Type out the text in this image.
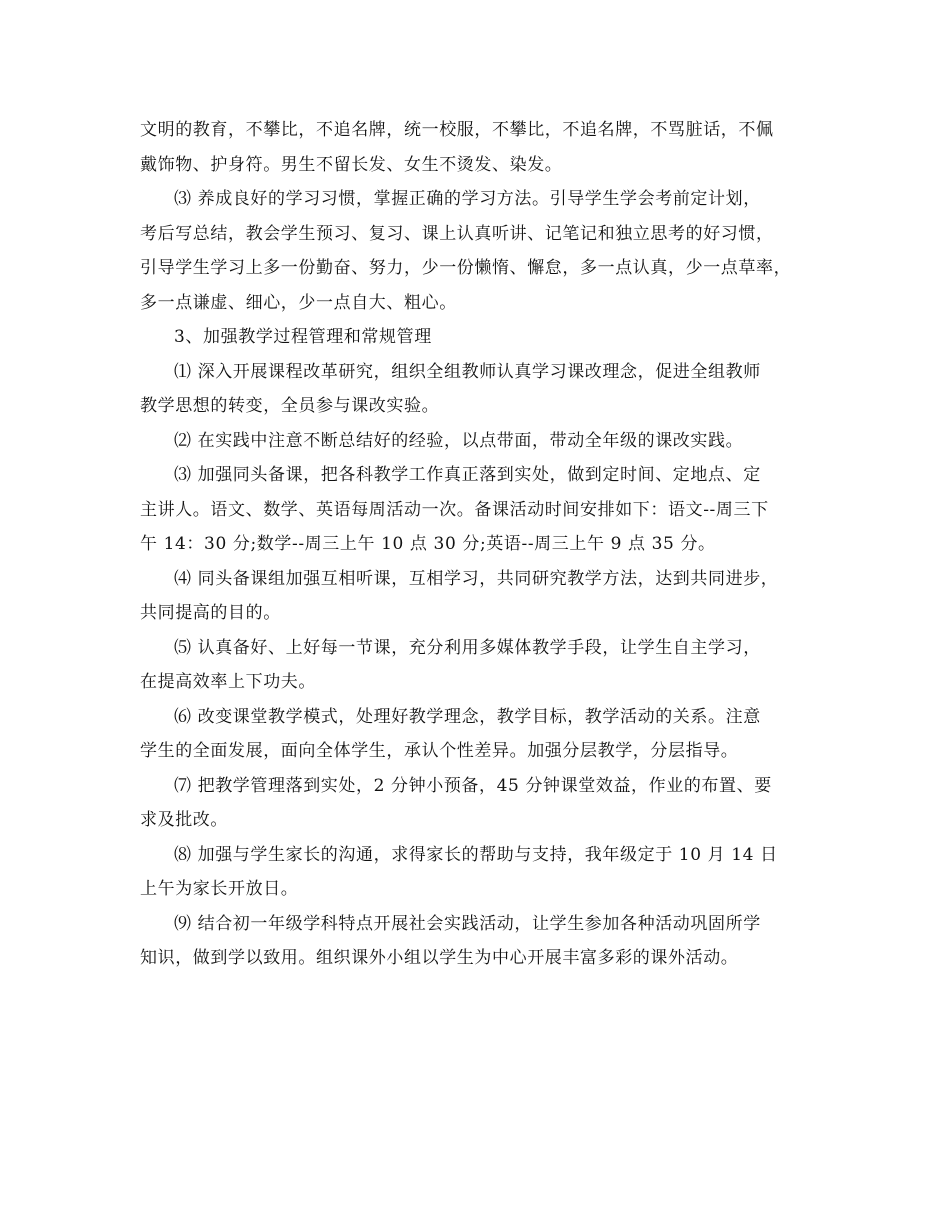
文明的教育，不攀比，不追名牌，统一校服，不攀比，不追名牌，不骂脏话，不佩
戴饰物、护身符。男生不留长发、女生不烫发、染发。
⑶ 养成良好的学习习惯，掌握正确的学习方法。引导学生学会考前定计划，
考后写总结，教会学生预习、复习、课上认真听讲、记笔记和独立思考的好习惯，
引导学生学习上多一份勤奋、努力，少一份懒惰、懈怠，多一点认真，少一点草率，
多一点谦虚、细心，少一点自大、粗心。
3、加强教学过程管理和常规管理
⑴ 深入开展课程改革研究，组织全组教师认真学习课改理念，促进全组教师
教学思想的转变，全员参与课改实验。
⑵ 在实践中注意不断总结好的经验，以点带面，带动全年级的课改实践。
⑶ 加强同头备课，把各科教学工作真正落到实处，做到定时间、定地点、定
主讲人。语文、数学、英语每周活动一次。备课活动时间安排如下：语文--周三下
午 14：30 分;数学--周三上午 10 点 30 分;英语--周三上午 9 点 35 分。
⑷ 同头备课组加强互相听课，互相学习，共同研究教学方法，达到共同进步，
共同提高的目的。
⑸ 认真备好、上好每一节课，充分利用多媒体教学手段，让学生自主学习，
在提高效率上下功夫。
⑹ 改变课堂教学模式，处理好教学理念，教学目标，教学活动的关系。注意
学生的全面发展，面向全体学生，承认个性差异。加强分层教学，分层指导。
⑺ 把教学管理落到实处，2 分钟小预备，45 分钟课堂效益，作业的布置、要
求及批改。
⑻ 加强与学生家长的沟通，求得家长的帮助与支持，我年级定于 10 月 14 日
上午为家长开放日。
⑼ 结合初一年级学科特点开展社会实践活动，让学生参加各种活动巩固所学
知识，做到学以致用。组织课外小组以学生为中心开展丰富多彩的课外活动。
